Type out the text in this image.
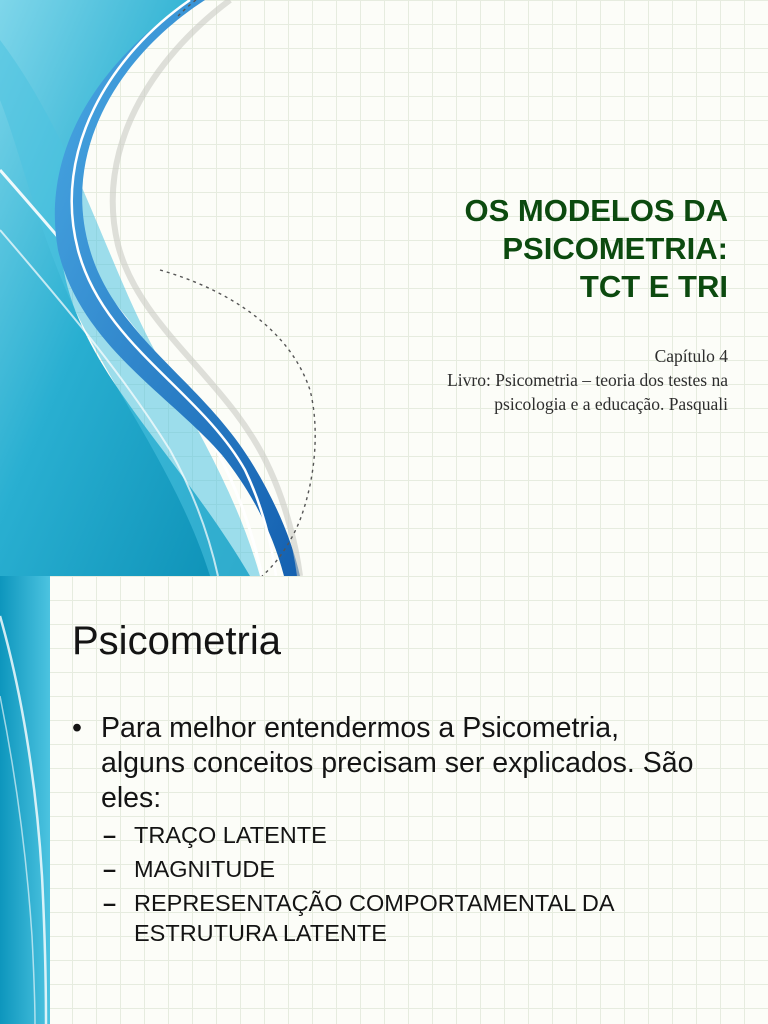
OS MODELOS DA
PSICOMETRIA:
TCT E TRI
Capítulo 4
Livro: Psicometria – teoria dos testes na
psicologia e a educação. Pasquali
Psicometria
• Para melhor entendermos a Psicometria,
alguns conceitos precisam ser explicados. São
eles:
– TRAÇO LATENTE
– MAGNITUDE
– REPRESENTAÇÃO COMPORTAMENTAL DA
ESTRUTURA LATENTE
